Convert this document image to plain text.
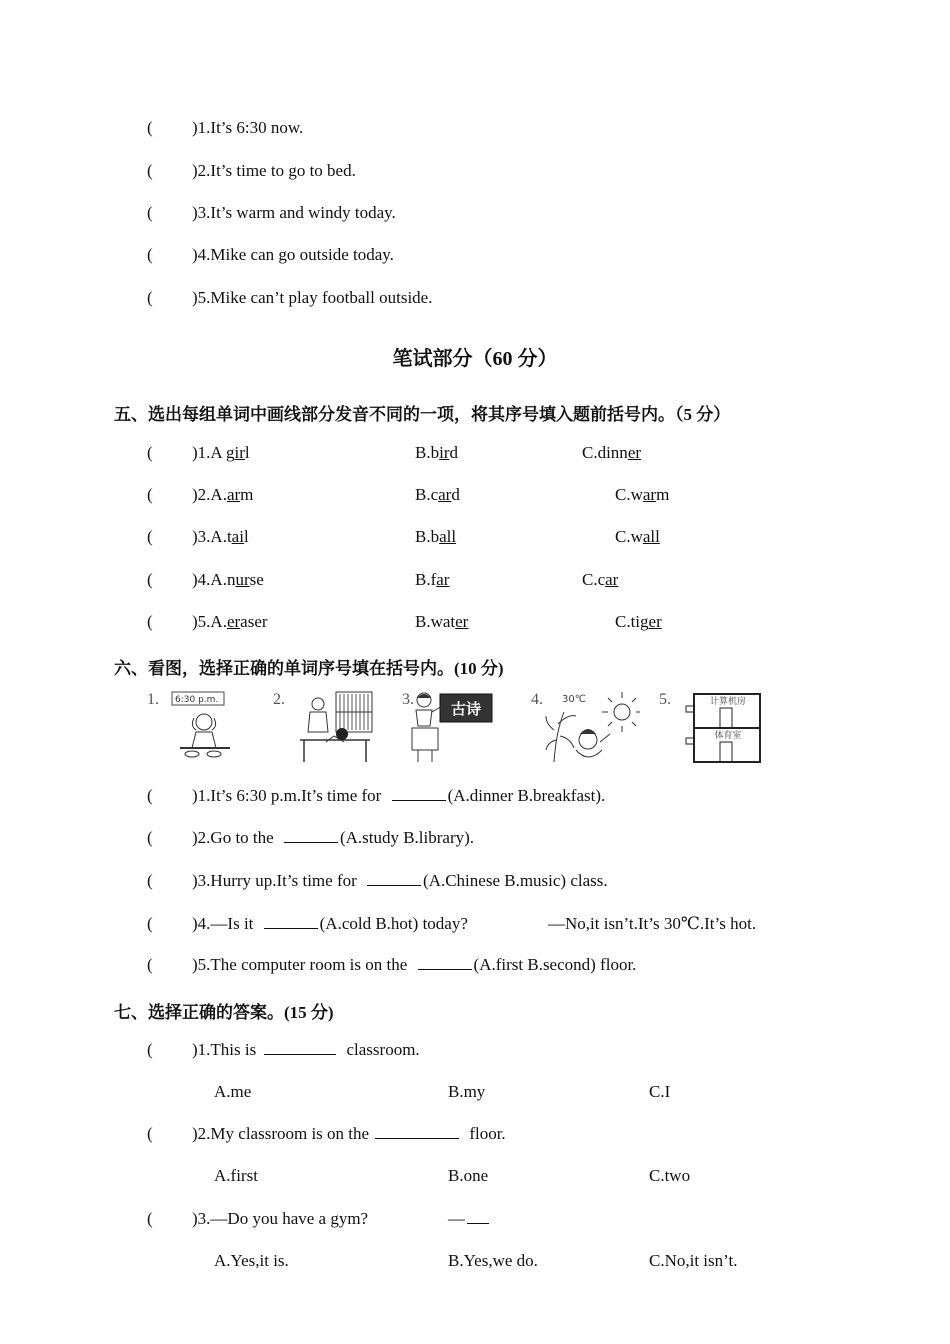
( )1.It’s 6:30 now.
( )2.It’s time to go to bed.
( )3.It’s warm and windy today.
( )4.Mike can go outside today.
( )5.Mike can’t play football outside.
笔试部分（60 分）
五、选出每组单词中画线部分发音不同的一项，将其序号填入题前括号内。（5 分）
( )1.A girl	B.bird	C.dinner
( )2.A.arm	B.card	C.warm
( )3.A.tail	B.ball	C.wall
( )4.A.nurse	B.far	C.car
( )5.A.eraser	B.water	C.tiger
六、看图，选择正确的单词序号填在括号内。(10 分)
1. 6:30 p.m.	2.	3.
古诗
4. 30℃	5.	计算机房
体育室
( )1.It’s 6:30 p.m.It’s time for	(A.dinner B.breakfast).
( )2.Go to the	(A.study B.library).
( )3.Hurry up.It’s time for	(A.Chinese B.music) class.
( )4.—Is it	(A.cold B.hot) today?	—No,it isn’t.It’s 30℃.It’s hot.
( )5.The computer room is on the	(A.first B.second) floor.
七、选择正确的答案。(15 分)
( )1.This is	classroom.
A.me	B.my	C.I
( )2.My classroom is on the	floor.
A.first	B.one	C.two
( )3.—Do you have a gym?	—
A.Yes,it is.	B.Yes,we do.	C.No,it isn’t.
